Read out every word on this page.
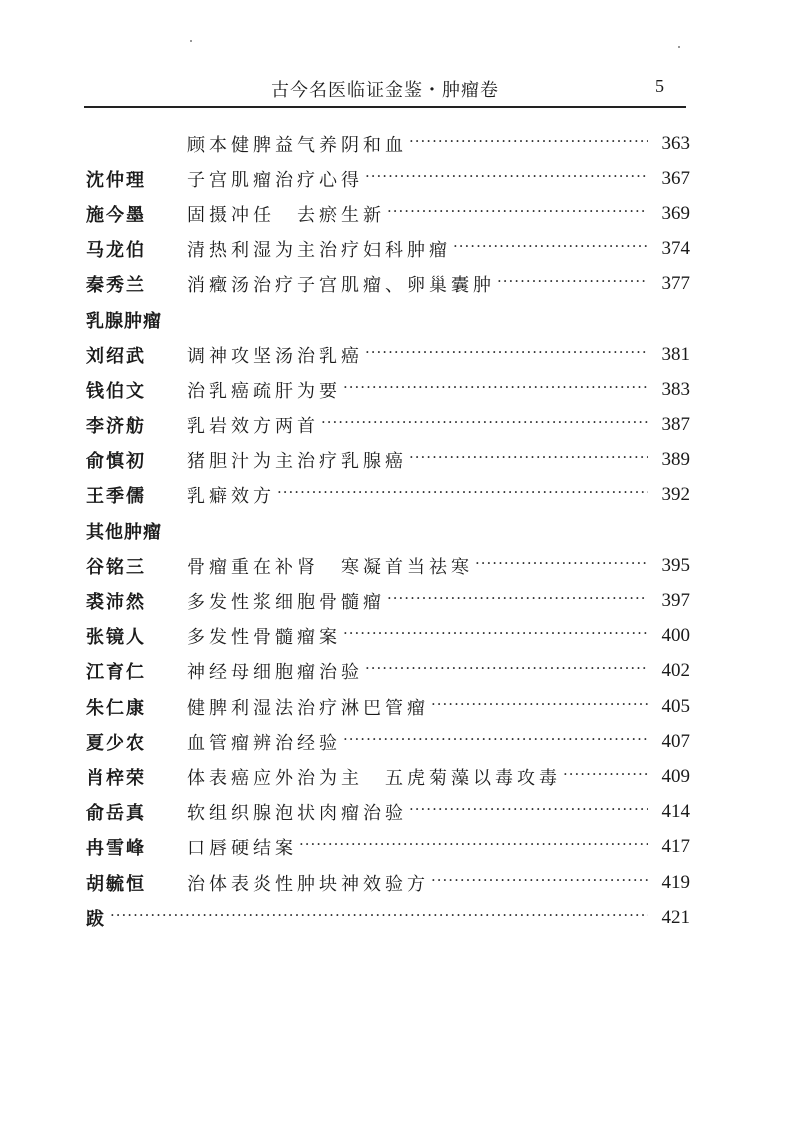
古今名医临证金鉴・肿瘤卷	5
顾本健脾益气养阴和血 ·····	363
沈仲理	子宫肌瘤治疗心得 ·····	367
施今墨	固摄冲任　去瘀生新 ·····	369
马龙伯	清热利湿为主治疗妇科肿瘤 ·····	374
秦秀兰	消癥汤治疗子宫肌瘤、卵巢囊肿 ·····	377
乳腺肿瘤
刘绍武	调神攻坚汤治乳癌 ·····	381
钱伯文	治乳癌疏肝为要 ·····	383
李济舫	乳岩效方两首 ·····	387
俞慎初	猪胆汁为主治疗乳腺癌 ·····	389
王季儒	乳癖效方 ·····	392
其他肿瘤
谷铭三	骨瘤重在补肾　寒凝首当祛寒 ·····	395
裘沛然	多发性浆细胞骨髓瘤 ·····	397
张镜人	多发性骨髓瘤案 ·····	400
江育仁	神经母细胞瘤治验 ·····	402
朱仁康	健脾利湿法治疗淋巴管瘤 ·····	405
夏少农	血管瘤辨治经验 ·····	407
肖梓荣	体表癌应外治为主　五虎菊藻以毒攻毒 ·····	409
俞岳真	软组织腺泡状肉瘤治验 ·····	414
冉雪峰	口唇硬结案 ·····	417
胡毓恒	治体表炎性肿块神效验方 ·····	419
跋 ·····	421
